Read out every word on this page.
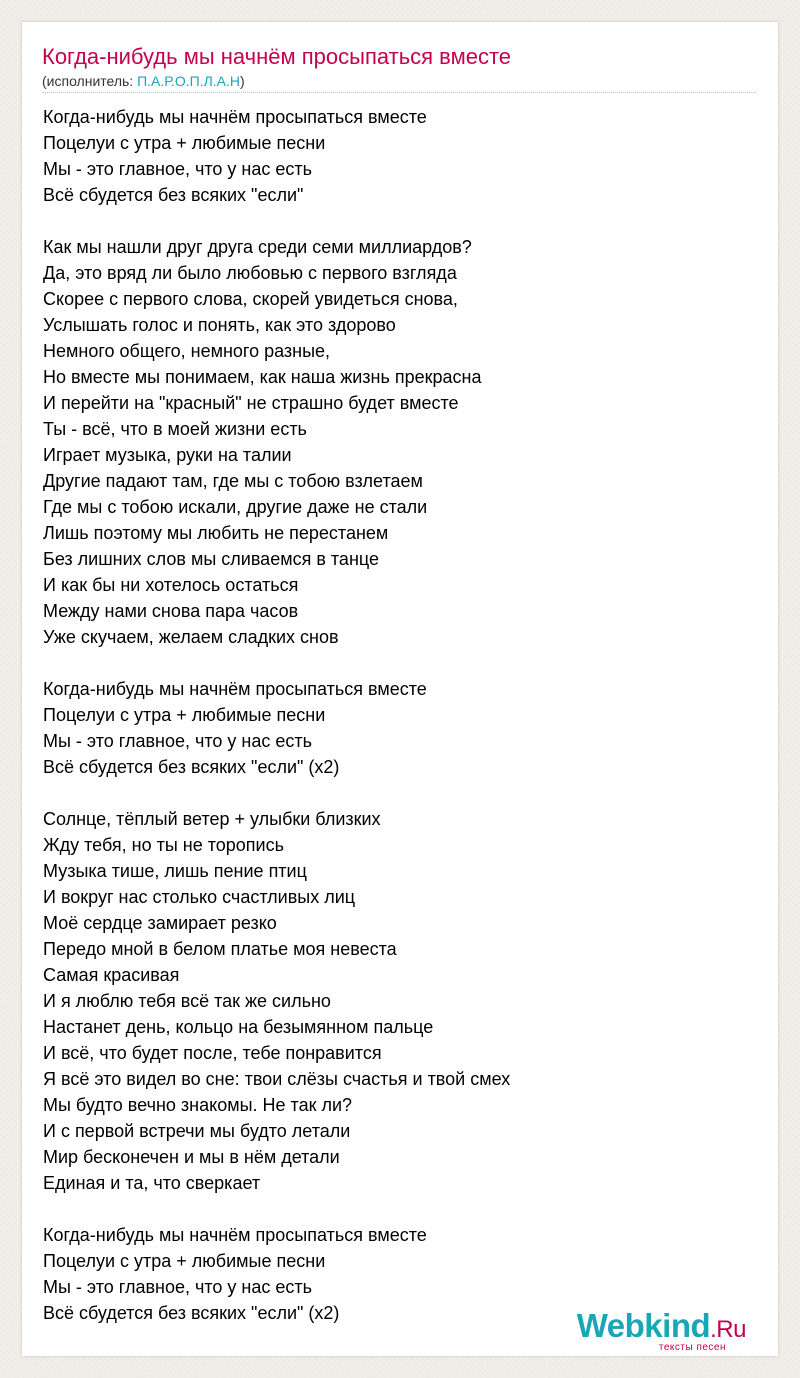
Когда-нибудь мы начнём просыпаться вместе
(исполнитель: П.А.Р.О.П.Л.А.Н)
Когда-нибудь мы начнём просыпаться вместе
Поцелуи с утра + любимые песни
Мы - это главное, что у нас есть
Всё сбудется без всяких "если"
Как мы нашли друг друга среди семи миллиардов?
Да, это вряд ли было любовью с первого взгляда
Скорее с первого слова, скорей увидеться снова,
Услышать голос и понять, как это здорово
Немного общего, немного разные,
Но вместе мы понимаем, как наша жизнь прекрасна
И перейти на "красный" не страшно будет вместе
Ты - всё, что в моей жизни есть
Играет музыка, руки на талии
Другие падают там, где мы с тобою взлетаем
Где мы с тобою искали, другие даже не стали
Лишь поэтому мы любить не перестанем
Без лишних слов мы сливаемся в танце
И как бы ни хотелось остаться
Между нами снова пара часов
Уже скучаем, желаем сладких снов
Когда-нибудь мы начнём просыпаться вместе
Поцелуи с утра + любимые песни
Мы - это главное, что у нас есть
Всё сбудется без всяких "если" (x2)
Солнце, тёплый ветер + улыбки близких
Жду тебя, но ты не торопись
Музыка тише, лишь пение птиц
И вокруг нас столько счастливых лиц
Моё сердце замирает резко
Передо мной в белом платье моя невеста
Самая красивая
И я люблю тебя всё так же сильно
Настанет день, кольцо на безымянном пальце
И всё, что будет после, тебе понравится
Я всё это видел во сне: твои слёзы счастья и твой смех
Мы будто вечно знакомы. Не так ли?
И с первой встречи мы будто летали
Мир бесконечен и мы в нём детали
Единая и та, что сверкает
Когда-нибудь мы начнём просыпаться вместе
Поцелуи с утра + любимые песни
Мы - это главное, что у нас есть
Всё сбудется без всяких "если" (x2)	Webkind.Ru
тексты песен
